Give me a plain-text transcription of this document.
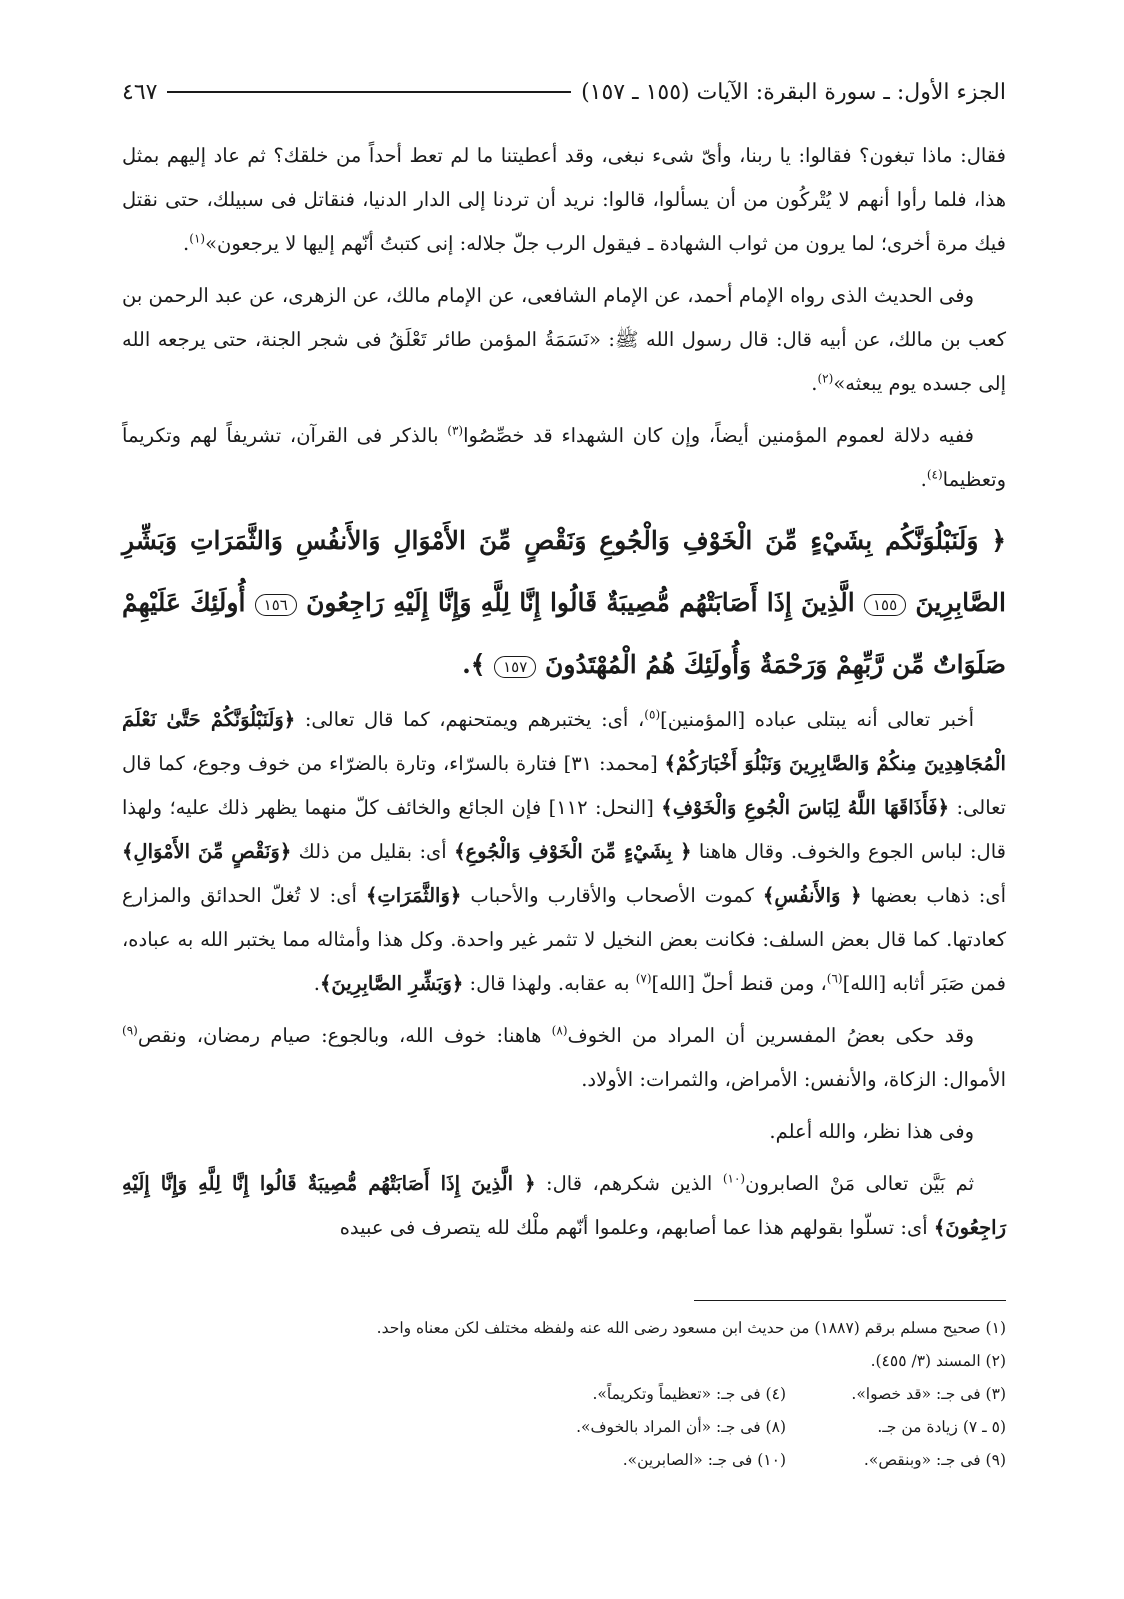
الجزء الأول: ـ سورة البقرة: الآيات (١٥٥ ـ ١٥٧)
٤٦٧

فقال: ماذا تبغون؟ فقالوا: يا ربنا، وأىّ شىء نبغى، وقد أعطيتنا ما لم تعط أحداً من خلقك؟ ثم عاد إليهم بمثل هذا، فلما رأوا أنهم لا يُتْركُون من أن يسألوا، قالوا: نريد أن تردنا إلى الدار الدنيا، فنقاتل فى سبيلك، حتى نقتل فيك مرة أخرى؛ لما يرون من ثواب الشهادة ـ فيقول الرب جلّ جلاله: إنى كتبتُ أنّهم إليها لا يرجعون»$^{(١)}$.

وفى الحديث الذى رواه الإمام أحمد، عن الإمام الشافعى، عن الإمام مالك، عن الزهرى، عن عبد الرحمن بن كعب بن مالك، عن أبيه قال: قال رسول الله ﷺ: «نَسَمَةُ المؤمن طائر تَعْلَقُ فى شجر الجنة، حتى يرجعه الله إلى جسده يوم يبعثه»$^{(٢)}$.

ففيه دلالة لعموم المؤمنين أيضاً، وإن كان الشهداء قد خصِّصُوا$^{(٣)}$ بالذكر فى القرآن، تشريفاً لهم وتكريماً وتعظيما$^{(٤)}$.

﴿ وَلَنَبْلُوَنَّكُم بِشَيْءٍ مِّنَ الْخَوْفِ وَالْجُوعِ وَنَقْصٍ مِّنَ الأَمْوَالِ وَالأَنفُسِ وَالثَّمَرَاتِ وَبَشِّرِ الصَّابِرِينَ ١٥٥ الَّذِينَ إِذَا أَصَابَتْهُم مُّصِيبَةٌ قَالُوا إِنَّا لِلَّهِ وَإِنَّا إِلَيْهِ رَاجِعُونَ ١٥٦ أُولَئِكَ عَلَيْهِمْ صَلَوَاتٌ مِّن رَّبِّهِمْ وَرَحْمَةٌ وَأُولَئِكَ هُمُ الْمُهْتَدُونَ ١٥٧ ﴾.

أخبر تعالى أنه يبتلى عباده [المؤمنين]$^{(٥)}$، أى: يختبرهم ويمتحنهم، كما قال تعالى: ﴿وَلَنَبْلُوَنَّكُمْ حَتَّىٰ نَعْلَمَ الْمُجَاهِدِينَ مِنكُمْ وَالصَّابِرِينَ وَنَبْلُوَ أَخْبَارَكُمْ﴾ [محمد: ٣١] فتارة بالسرّاء، وتارة بالضرّاء من خوف وجوع، كما قال تعالى: ﴿فَأَذَاقَهَا اللَّهُ لِبَاسَ الْجُوعِ وَالْخَوْفِ﴾ [النحل: ١١٢] فإن الجائع والخائف كلّ منهما يظهر ذلك عليه؛ ولهذا قال: لباس الجوع والخوف. وقال هاهنا ﴿ بِشَيْءٍ مِّنَ الْخَوْفِ وَالْجُوعِ﴾ أى: بقليل من ذلك ﴿وَنَقْصٍ مِّنَ الأَمْوَالِ﴾ أى: ذهاب بعضها ﴿ وَالأَنفُسِ﴾ كموت الأصحاب والأقارب والأحباب ﴿وَالثَّمَرَاتِ﴾ أى: لا تُغلّ الحدائق والمزارع كعادتها. كما قال بعض السلف: فكانت بعض النخيل لا تثمر غير واحدة. وكل هذا وأمثاله مما يختبر الله به عباده، فمن صَبَر أثابه [الله]$^{(٦)}$، ومن قنط أحلّ [الله]$^{(٧)}$ به عقابه. ولهذا قال: ﴿وَبَشِّرِ الصَّابِرِينَ﴾.

وقد حكى بعضُ المفسرين أن المراد من الخوف$^{(٨)}$ هاهنا: خوف الله، وبالجوع: صيام رمضان، ونقص$^{(٩)}$ الأموال: الزكاة، والأنفس: الأمراض، والثمرات: الأولاد.

وفى هذا نظر، والله أعلم.

ثم بَيَّن تعالى مَنْ الصابرون$^{(١٠)}$ الذين شكرهم، قال: ﴿ الَّذِينَ إِذَا أَصَابَتْهُم مُّصِيبَةٌ قَالُوا إِنَّا لِلَّهِ وَإِنَّا إِلَيْهِ رَاجِعُونَ﴾ أى: تسلّوا بقولهم هذا عما أصابهم، وعلموا أنّهم ملْك لله يتصرف فى عبيده

(١) صحيح مسلم برقم (١٨٨٧) من حديث ابن مسعود رضى الله عنه ولفظه مختلف لكن معناه واحد.
(٢) المسند (٣/ ٤٥٥).
(٣) فى جـ: «قد خصوا».
(٤) فى جـ: «تعظيماً وتكريماً».
(٥ ـ ٧) زيادة من جـ.
(٨) فى جـ: «أن المراد بالخوف».
(٩) فى جـ: «وبنقص».
(١٠) فى جـ: «الصابرين».
